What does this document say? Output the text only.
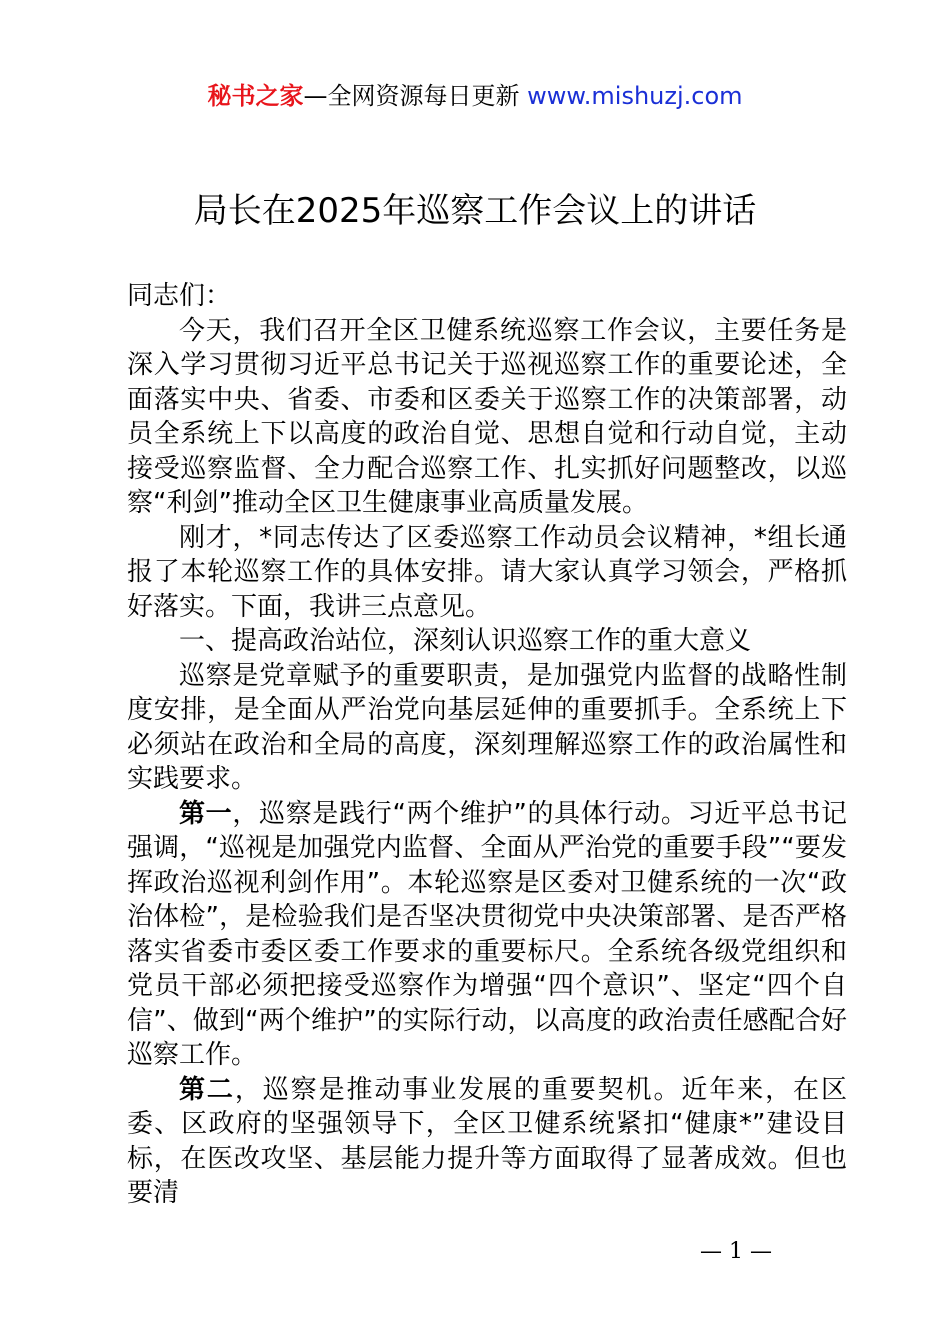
秘书之家—全网资源每日更新 www.mishuzj.com
局长在2025年巡察工作会议上的讲话

同志们：

今天，我们召开全区卫健系统巡察工作会议，主要任务是深入学习贯彻习近平总书记关于巡视巡察工作的重要论述，全面落实中央、省委、市委和区委关于巡察工作的决策部署，动员全系统上下以高度的政治自觉、思想自觉和行动自觉，主动接受巡察监督、全力配合巡察工作、扎实抓好问题整改，以巡察“利剑”推动全区卫生健康事业高质量发展。

刚才，*同志传达了区委巡察工作动员会议精神，*组长通报了本轮巡察工作的具体安排。请大家认真学习领会，严格抓好落实。下面，我讲三点意见。

一、提高政治站位，深刻认识巡察工作的重大意义

巡察是党章赋予的重要职责，是加强党内监督的战略性制度安排，是全面从严治党向基层延伸的重要抓手。全系统上下必须站在政治和全局的高度，深刻理解巡察工作的政治属性和实践要求。

第一，巡察是践行“两个维护”的具体行动。习近平总书记强调，“巡视是加强党内监督、全面从严治党的重要手段”“要发挥政治巡视利剑作用”。本轮巡察是区委对卫健系统的一次“政治体检”，是检验我们是否坚决贯彻党中央决策部署、是否严格落实省委市委区委工作要求的重要标尺。全系统各级党组织和党员干部必须把接受巡察作为增强“四个意识”、坚定“四个自信”、做到“两个维护”的实际行动，以高度的政治责任感配合好巡察工作。

第二，巡察是推动事业发展的重要契机。近年来，在区委、区政府的坚强领导下，全区卫健系统紧扣“健康*”建设目标，在医改攻坚、基层能力提升等方面取得了显著成效。但也要清

— 1 —
